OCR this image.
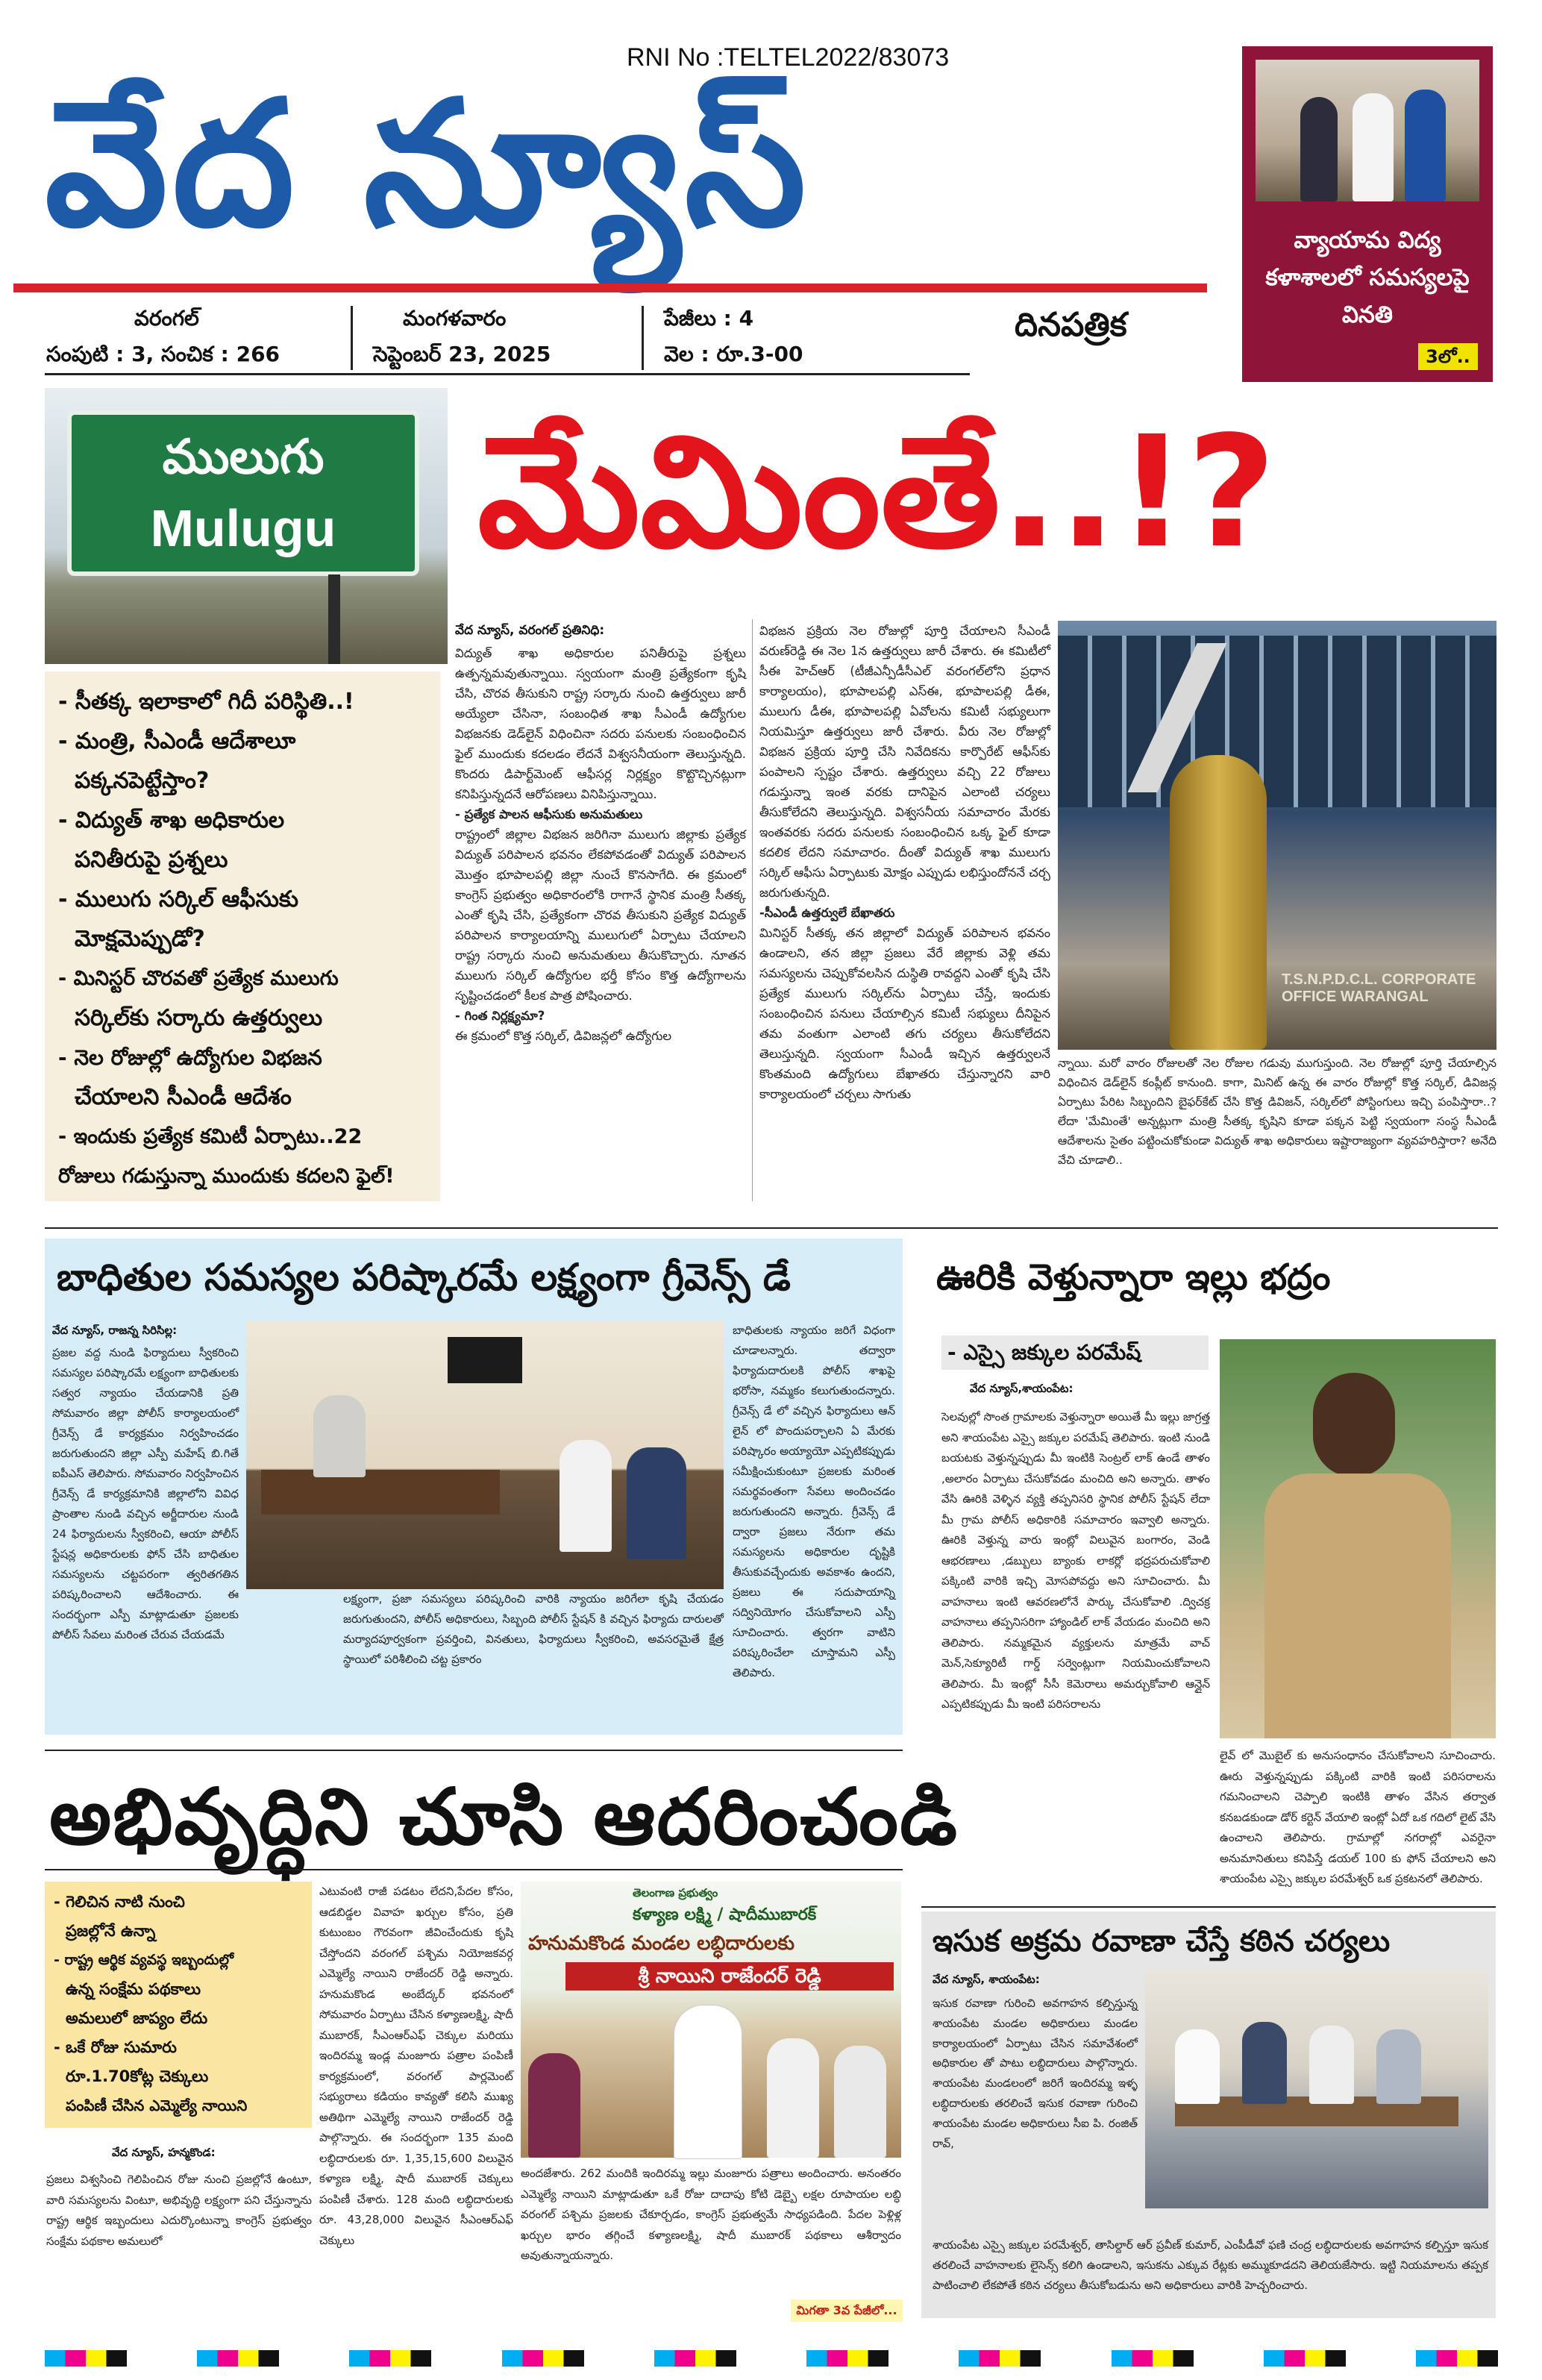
RNI No :TELTEL2022/83073
వేద న్యూస్
దినపత్రిక
వరంగల్
సంపుటి : 3, సంచిక : 266
మంగళవారం
సెప్టెంబర్ 23, 2025
పేజీలు : 4
వెల : రూ.3-00
వ్యాయామ విద్య కళాశాలలో సమస్యలపై వినతి
3లో..
ములుగు
Mulugu మేమింతే..!?
- సీతక్క ఇలాకాలో గిదీ పరిస్థితి..!
- మంత్రి, సీఎండీ ఆదేశాలూ
పక్కనపెట్టేస్తాం?
- విద్యుత్ శాఖ అధికారుల
పనితీరుపై ప్రశ్నలు
- ములుగు సర్కిల్ ఆఫీసుకు
మోక్షమెప్పుడో?
- మినిస్టర్ చొరవతో ప్రత్యేక ములుగు
సర్కిల్‌కు సర్కారు ఉత్తర్వులు
- నెల రోజుల్లో ఉద్యోగుల విభజన
చేయాలని సీఎండీ ఆదేశం
- ఇందుకు ప్రత్యేక కమిటీ ఏర్పాటు..22
రోజులు గడుస్తున్నా ముందుకు కదలని ఫైల్!
వేద న్యూస్, వరంగల్ ప్రతినిధి:
విద్యుత్ శాఖ అధికారుల పనితీరుపై ప్రశ్నలు ఉత్పన్నమవుతున్నాయి. స్వయంగా మంత్రి ప్రత్యేకంగా కృషి చేసి, చొరవ తీసుకుని రాష్ట్ర సర్కారు నుంచి ఉత్తర్వులు జారీ అయ్యేలా చేసినా, సంబంధిత శాఖ సీఎండీ ఉద్యోగుల విభజనకు డెడ్‌లైన్ విధించినా సదరు పనులకు సంబంధించిన ఫైల్ ముందుకు కదలడం లేదనే విశ్వసనీయంగా తెలుస్తున్నది. కొందరు డిపార్ట్‌మెంట్ ఆఫీసర్ల నిర్లక్ష్యం కొట్టొచ్చినట్లుగా కనిపిస్తున్నదనే ఆరోపణలు వినిపిస్తున్నాయి.
- ప్రత్యేక పాలన ఆఫీసుకు అనుమతులు
రాష్ట్రంలో జిల్లాల విభజన జరిగినా ములుగు జిల్లాకు ప్రత్యేక విద్యుత్ పరిపాలన భవనం లేకపోవడంతో విద్యుత్ పరిపాలన మొత్తం భూపాలపల్లి జిల్లా నుంచే కొనసాగేది. ఈ క్రమంలో కాంగ్రెస్ ప్రభుత్వం అధికారంలోకి రాగానే స్థానిక మంత్రి సీతక్క ఎంతో కృషి చేసి, ప్రత్యేకంగా చొరవ తీసుకుని ప్రత్యేక విద్యుత్ పరిపాలన కార్యాలయాన్ని ములుగులో ఏర్పాటు చేయాలని రాష్ట్ర సర్కారు నుంచి అనుమతులు తీసుకొచ్చారు. నూతన ములుగు సర్కిల్ ఉద్యోగుల భర్తీ కోసం కొత్త ఉద్యోగాలను సృష్టించడంలో కీలక పాత్ర పోషించారు.
- గింత నిర్లక్ష్యమా?
ఈ క్రమంలో కొత్త సర్కిల్, డివిజన్లలో ఉద్యోగుల
విభజన ప్రక్రియ నెల రోజుల్లో పూర్తి చేయాలని సీఎండీ వరుణ్‌రెడ్డి ఈ నెల 1న ఉత్తర్వులు జారీ చేశారు. ఈ కమిటీలో సీఈ హెచ్‌ఆర్ (టీజీఎన్పీడీసీఎల్ వరంగల్‌లోని ప్రధాన కార్యాలయం), భూపాలపల్లి ఎస్ఈ, భూపాలపల్లి డీఈ, ములుగు డీఈ, భూపాలపల్లి ఏవోలను కమిటీ సభ్యులుగా నియమిస్తూ ఉత్తర్వులు జారీ చేశారు. వీరు నెల రోజుల్లో విభజన ప్రక్రియ పూర్తి చేసి నివేదికను కార్పొరేట్ ఆఫీస్‌కు పంపాలని స్పష్టం చేశారు. ఉత్తర్వులు వచ్చి 22 రోజులు గడుస్తున్నా ఇంత వరకు దానిపైన ఎలాంటి చర్యలు తీసుకోలేదని తెలుస్తున్నది. విశ్వసనీయ సమాచారం మేరకు ఇంతవరకు సదరు పనులకు సంబంధించిన ఒక్క ఫైల్ కూడా కదలిక లేదని సమాచారం. దీంతో విద్యుత్ శాఖ ములుగు సర్కిల్ ఆఫీసు ఏర్పాటుకు మోక్షం ఎప్పుడు లభిస్తుందోననే చర్చ జరుగుతున్నది.
-సీఎండీ ఉత్తర్వులే బేఖాతరు
మినిస్టర్ సీతక్క తన జిల్లాలో విద్యుత్ పరిపాలన భవనం ఉండాలని, తన జిల్లా ప్రజలు వేరే జిల్లాకు వెళ్లి తమ సమస్యలను చెప్పుకోవలసిన దుస్థితి రావద్దని ఎంతో కృషి చేసి ప్రత్యేక ములుగు సర్కిల్‌ను ఏర్పాటు చేస్తే, ఇందుకు సంబంధించిన పనులు చేయాల్సిన కమిటీ సభ్యులు దీనిపైన తమ వంతుగా ఎలాంటి తగు చర్యలు తీసుకోలేదని తెలుస్తున్నది. స్వయంగా సీఎండీ ఇచ్చిన ఉత్తర్వులనే కొంతమంది ఉద్యోగులు బేఖాతరు చేస్తున్నారని వారి కార్యాలయంలో చర్చలు సాగుతు
T.S.N.P.D.C.L. CORPORATE OFFICE WARANGAL
న్నాయి. మరో వారం రోజులతో నెల రోజుల గడువు ముగుస్తుంది. నెల రోజుల్లో పూర్తి చేయాల్సిన విధించిన డెడ్‌లైన్ కంప్లీట్ కానుంది. కాగా, మినిట్ ఉన్న ఈ వారం రోజుల్లో కొత్త సర్కిల్, డివిజన్ల ఏర్పాటు పేరిట సిబ్బందిని బైఫర్‌కేట్ చేసి కొత్త డివిజన్, సర్కిల్‌లో పోస్టింగులు ఇచ్చి పంపిస్తారా..? లేదా 'మేమింతే' అన్నట్లుగా మంత్రి సీతక్క కృషిని కూడా పక్కన పెట్టి స్వయంగా సంస్థ సీఎండీ ఆదేశాలను సైతం పట్టించుకోకుండా విద్యుత్ శాఖ అధికారులు ఇష్టారాజ్యంగా వ్యవహరిస్తారా? అనేది వేచి చూడాలి..
బాధితుల సమస్యల పరిష్కారమే లక్ష్యంగా గ్రీవెన్స్ డే
వేద న్యూస్, రాజన్న సిరిసిల్ల:
ప్రజల వద్ద నుండి ఫిర్యాదులు స్వీకరించి సమస్యల పరిష్కారమే లక్ష్యంగా బాధితులకు సత్వర న్యాయం చేయడానికి ప్రతి సోమవారం జిల్లా పోలీస్ కార్యాలయంలో గ్రీవెన్స్ డే కార్యక్రమం నిర్వహించడం జరుగుతుందని జిల్లా ఎస్పీ మహేష్ బి.గితే ఐపీఎస్ తెలిపారు. సోమవారం నిర్వహించిన గ్రీవెన్స్ డే కార్యక్రమానికి జిల్లాలోని వివిధ ప్రాంతాల నుండి వచ్చిన అర్జీదారుల నుండి 24 ఫిర్యాదులను స్వీకరించి, ఆయా పోలీస్ స్టేషన్ల అధికారులకు ఫోన్ చేసి బాధితుల సమస్యలను చట్టపరంగా త్వరితగతిన పరిష్కరించాలని ఆదేశించారు. ఈ సందర్భంగా ఎస్పీ మాట్లాడుతూ ప్రజలకు పోలీస్ సేవలు మరింత చేరువ చేయడమే
లక్ష్యంగా, ప్రజా సమస్యలు పరిష్కరించి వారికి న్యాయం జరిగేలా కృషి చేయడం జరుగుతుందని, పోలీస్ అధికారులు, సిబ్బంది పోలీస్ స్టేషన్ కి వచ్చిన ఫిర్యాదు దారులతో మర్యాదపూర్వకంగా ప్రవర్తించి, వినతులు, ఫిర్యాదులు స్వీకరించి, అవసరమైతే క్షేత్ర స్థాయిలో పరిశీలించి చట్ట ప్రకారం
బాధితులకు న్యాయం జరిగే విధంగా చూడాలన్నారు. తద్వారా ఫిర్యాదుదారులకి పోలీస్ శాఖపై భరోసా, నమ్మకం కలుగుతుందన్నారు. గ్రీవెన్స్ డే లో వచ్చిన ఫిర్యాదులు ఆన్ లైన్ లో పొందుపర్చాలని ఏ మేరకు పరిష్కారం అయ్యాయో ఎప్పటికప్పుడు సమీక్షించుకుంటూ ప్రజలకు మరింత సమర్థవంతంగా సేవలు అందించడం జరుగుతుందని అన్నారు. గ్రీవెన్స్ డే ద్వారా ప్రజలు నేరుగా తమ సమస్యలను అధికారుల దృష్టికి తీసుకువచ్చేందుకు అవకాశం ఉందని, ప్రజలు ఈ సదుపాయాన్ని సద్వినియోగం చేసుకోవాలని ఎస్పీ సూచించారు. త్వరగా వాటిని పరిష్కరించేలా చూస్తామని ఎస్పీ తెలిపారు.
ఊరికి వెళ్తున్నారా ఇల్లు భద్రం
- ఎస్సై జక్కుల పరమేష్
వేద న్యూస్,శాయంపేట:
సెలవుల్లో సొంత గ్రామాలకు వెళ్తున్నారా అయితే మీ ఇల్లు జాగ్రత్త అని శాయంపేట ఎస్సై జక్కుల పరమేష్ తెలిపారు. ఇంటి నుండి బయటకు వెళ్తున్నప్పుడు మీ ఇంటికి సెంట్రల్ లాక్ ఉండే తాళం ,అలారం ఏర్పాటు చేసుకోవడం మంచిది అని అన్నారు. తాళం వేసి ఊరికి వెళ్ళిన వ్యక్తి తప్పనిసరి స్థానిక పోలీస్ స్టేషన్ లేదా మీ గ్రామ పోలీస్ అధికారికి సమాచారం ఇవ్వాలి అన్నారు. ఊరికి వెళ్తున్న వారు ఇంట్లో విలువైన బంగారం, వెండి ఆభరణాలు ,డబ్బులు బ్యాంకు లాకర్లో భద్రపరుచుకోవాలి పక్కింటి వారికి ఇచ్చి మోసపోవద్దు అని సూచించారు. మీ వాహనాలు ఇంటి ఆవరణలోనే పార్కు చేసుకోవాలి .ద్విచక్ర వాహనాలు తప్పనిసరిగా హ్యాండిల్ లాక్ వేయడం మంచిది అని తెలిపారు. నమ్మకమైన వ్యక్తులను మాత్రమే వాచ్ మెన్,సెక్యూరిటీ గార్డ్ సర్వెంట్లుగా నియమించుకోవాలని తెలిపారు. మీ ఇంట్లో సీసీ కెమెరాలు అమర్చుకోవాలి ఆన్లైన్ ఎప్పటికప్పుడు మీ ఇంటి పరిసరాలను
లైవ్ లో మొబైల్ కు అనుసంధానం చేసుకోవాలని సూచించారు. ఊరు వెళ్తున్నప్పుడు పక్కింటి వారికి ఇంటి పరిసరాలను గమనించాలని చెప్పాలి ఇంటికి తాళం వేసిన తర్వాత కనబడకుండా డోర్ కర్టెన్ వేయాలి ఇంట్లో ఏదో ఒక గదిలో లైట్ వేసి ఉంచాలని తెలిపారు. గ్రామాల్లో నగరాల్లో ఎవరైనా అనుమానితులు కనిపిస్తే డయల్ 100 కు ఫోన్ చేయాలని అని శాయంపేట ఎస్సై జక్కుల పరమేశ్వర్ ఒక ప్రకటనలో తెలిపారు.
అభివృద్ధిని చూసి ఆదరించండి
- గెలిచిన నాటి నుంచి
ప్రజల్లోనే ఉన్నా
- రాష్ట్ర ఆర్థిక వ్యవస్థ ఇబ్బందుల్లో
ఉన్న సంక్షేమ పథకాలు
అమలులో జాప్యం లేదు
- ఒకే రోజు సుమారు
రూ.1.70కోట్ల చెక్కులు
పంపిణీ చేసిన ఎమ్మెల్యే నాయిని
వేద న్యూస్, హన్మకొండ:
ప్రజలు విశ్వసించి గెలిపించిన రోజు నుంచి ప్రజల్లోనే ఉంటూ, వారి సమస్యలను వింటూ, అభివృద్ధి లక్ష్యంగా పని చేస్తున్నాను రాష్ట్ర ఆర్థిక ఇబ్బందులు ఎదుర్కొంటున్నా కాంగ్రెస్ ప్రభుత్వం సంక్షేమ పథకాల అమలులో
ఎటువంటి రాజీ పడటం లేదని,పేదల కోసం, ఆడబిడ్డల వివాహ ఖర్చుల కోసం, ప్రతి కుటుంబం గౌరవంగా జీవించేందుకు కృషి చేస్తోందని వరంగల్ పశ్చిమ నియోజకవర్గ ఎమ్మెల్యే నాయిని రాజేందర్ రెడ్డి అన్నారు. హనుమకొండ అంబేద్కర్ భవనంలో సోమవారం ఏర్పాటు చేసిన కళ్యాణలక్ష్మి, షాదీ ముబారక్, సీఎంఆర్ఎఫ్ చెక్కుల మరియు ఇందిరమ్మ ఇండ్ల మంజూరు పత్రాల పంపిణీ కార్యక్రమంలో, వరంగల్ పార్లమెంట్ సభ్యురాలు కడియం కావ్యతో కలిసి ముఖ్య అతిథిగా ఎమ్మెల్యే నాయిని రాజేందర్ రెడ్డి పాల్గొన్నారు. ఈ సందర్భంగా 135 మంది లబ్ధిదారులకు రూ. 1,35,15,600 విలువైన కళ్యాణ లక్ష్మి, షాదీ ముబారక్ చెక్కులు పంపిణీ చేశారు. 128 మంది లబ్ధిదారులకు రూ. 43,28,000 విలువైన సీఎంఆర్ఎఫ్ చెక్కులు
తెలంగాణ ప్రభుత్వం
కళ్యాణ లక్ష్మి / షాదీముబారక్
హనుమకొండ మండల లబ్ధిదారులకు
శ్రీ నాయిని రాజేందర్ రెడ్డి
అందజేశారు. 262 మందికి ఇందిరమ్మ ఇల్లు మంజూరు పత్రాలు అందించారు. అనంతరం ఎమ్మెల్యే నాయిని మాట్లాడుతూ ఒకే రోజు దాదాపు కోటి డెబ్బై లక్షల రూపాయల లబ్ధి వరంగల్ పశ్చిమ ప్రజలకు చేకూర్చడం, కాంగ్రెస్ ప్రభుత్వమే సాధ్యపడింది. పేదల పెళ్లిళ్ల ఖర్చుల భారం తగ్గించే కళ్యాణలక్ష్మి, షాదీ ముబారక్ పథకాలు ఆశీర్వాదం అవుతున్నాయన్నారు.
మిగతా 3వ పేజీలో...
ఇసుక అక్రమ రవాణా చేస్తే కఠిన చర్యలు
వేద న్యూస్, శాయంపేట:
ఇసుక రవాణా గురించి అవగాహన కల్పిస్తున్న శాయంపేట మండల అధికారులు మండల కార్యాలయంలో ఏర్పాటు చేసిన సమావేశంలో అధికారుల తో పాటు లబ్ధిదారులు పాల్గొన్నారు. శాయంపేట మండలంలో జరిగే ఇందిరమ్మ ఇళ్ళ లబ్ధిదారులకు తరలించే ఇసుక రవాణా గురించి శాయంపేట మండల అధికారులు సీఐ పి. రంజిత్ రావ్,
శాయంపేట ఎస్సై జక్కుల పరమేశ్వర్, తాసిల్దార్ ఆర్ ప్రవీణ్ కుమార్, ఎంపీడీవో ఫణి చంద్ర లబ్ధిదారులకు అవగాహన కల్పిస్తూ ఇసుక తరలించే వాహనాలకు లైసెన్స్ కలిగి ఉండాలని, ఇసుకను ఎక్కువ రేట్లకు అమ్ముకూడదని తెలియజేసారు. ఇట్టి నియమాలను తప్పక పాటించాలి లేకపోతే కఠిన చర్యలు తీసుకోబడును అని అధికారులు వారికి హెచ్చరించారు.
